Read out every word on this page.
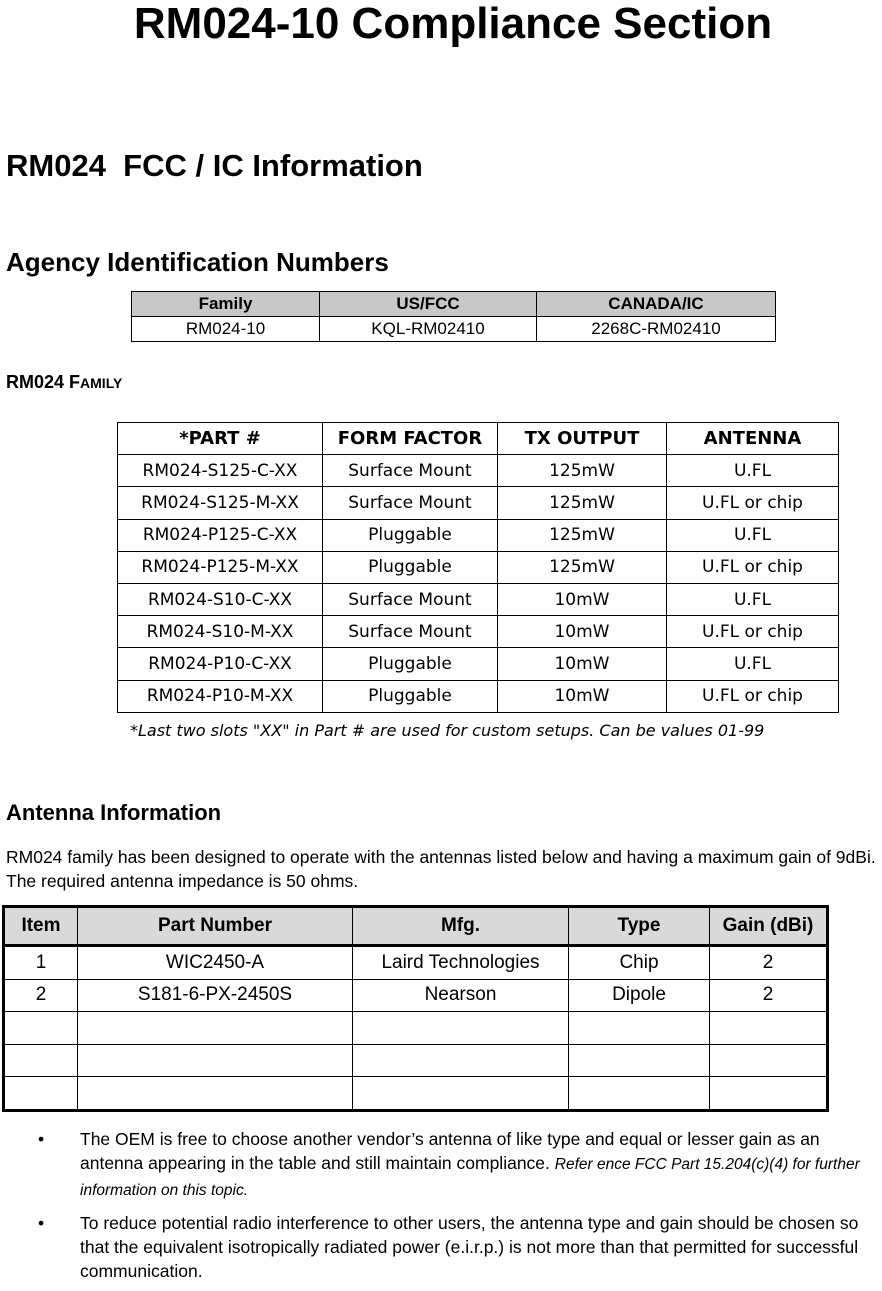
RM024-10 Compliance Section
RM024  FCC / IC Information
Agency Identification Numbers
Family	US/FCC	CANADA/IC
RM024-10	KQL-RM02410	2268C-RM02410
RM024 FAMILY
*PART #	FORM FACTOR	TX OUTPUT	ANTENNA
RM024-S125-C-XX	Surface Mount	125mW	U.FL
RM024-S125-M-XX	Surface Mount	125mW	U.FL or chip
RM024-P125-C-XX	Pluggable	125mW	U.FL
RM024-P125-M-XX	Pluggable	125mW	U.FL or chip
RM024-S10-C-XX	Surface Mount	10mW	U.FL
RM024-S10-M-XX	Surface Mount	10mW	U.FL or chip
RM024-P10-C-XX	Pluggable	10mW	U.FL
RM024-P10-M-XX	Pluggable	10mW	U.FL or chip
*Last two slots "XX" in Part # are used for custom setups. Can be values 01-99
Antenna Information
RM024 family has been designed to operate with the antennas listed below and having a maximum gain of 9dBi. The required antenna impedance is 50 ohms.
Item	Part Number	Mfg.	Type	Gain (dBi)
1	WIC2450-A	Laird Technologies	Chip	2
2	S181-6-PX-2450S	Nearson	Dipole	2

• The OEM is free to choose another vendor’s antenna of like type and equal or lesser gain as an antenna appearing in the table and still maintain compliance. Refer ence FCC Part 15.204(c)(4) for further information on this topic.
• To reduce potential radio interference to other users, the antenna type and gain should be chosen so that the equivalent isotropically radiated power (e.i.r.p.) is not more than that permitted for successful communication.
